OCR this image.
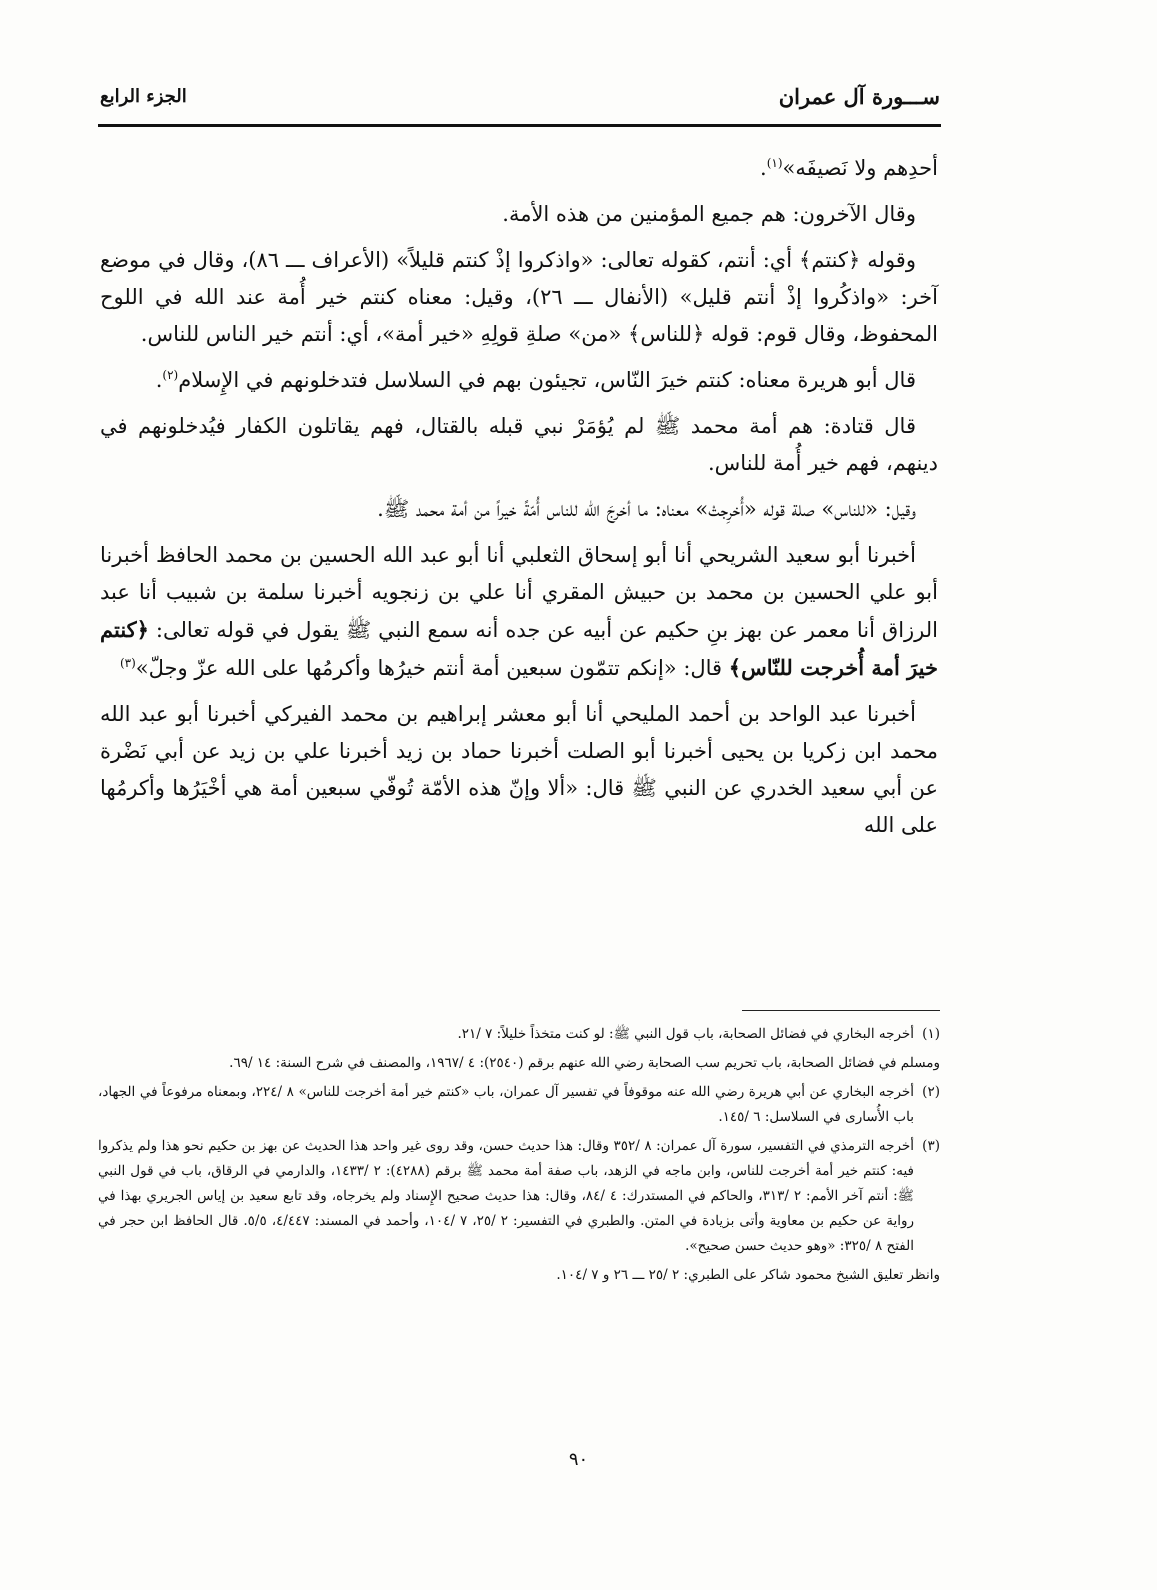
ســـورة آل عمران
الجزء الرابع

أحدِهم ولا نَصيفَه»$^{(١)}$.

وقال الآخرون: هم جميع المؤمنين من هذه الأمة.

وقوله ﴿كنتم﴾ أي: أنتم، كقوله تعالى: «واذكروا إذْ كنتم قليلاً» (الأعراف ـــ ٨٦)، وقال في موضع آخر: «واذكُروا إذْ أنتم قليل» (الأنفال ـــ ٢٦)، وقيل: معناه كنتم خير أُمة عند الله في اللوح المحفوظ، وقال قوم: قوله ﴿للناس﴾ «من» صلةِ قولِهِ «خير أمة»، أي: أنتم خير الناس للناس.

قال أبو هريرة معناه: كنتم خيرَ النّاس، تجيئون بهم في السلاسل فتدخلونهم في الإِسلام$^{(٢)}$.

قال قتادة: هم أمة محمد ﷺ لم يُؤمَرْ نبي قبله بالقتال، فهم يقاتلون الكفار فيُدخلونهم في دينهم، فهم خير أُمة للناس.

وقيل: «للناس» صلة قوله «أُخرِجتْ» معناه: ما أخرجَ الله للناس أُمّةً خيراً من أمة محمد ﷺ.

أخبرنا أبو سعيد الشريحي أنا أبو إسحاق الثعلبي أنا أبو عبد الله الحسين بن محمد الحافظ أخبرنا أبو علي الحسين بن محمد بن حبيش المقري أنا علي بن زنجويه أخبرنا سلمة بن شبيب أنا عبد الرزاق أنا معمر عن بهز بنِ حكيم عن أبيه عن جده أنه سمع النبي ﷺ يقول في قوله تعالى: ﴿كنتم خيرَ أمة أُخرجت للنّاس﴾ قال: «إنكم تتمّون سبعين أمة أنتم خيرُها وأكرمُها على الله عزّ وجلّ»$^{(٣)}$

أخبرنا عبد الواحد بن أحمد المليحي أنا أبو معشر إبراهيم بن محمد الفيركي أخبرنا أبو عبد الله محمد ابن زكريا بن يحيى أخبرنا أبو الصلت أخبرنا حماد بن زيد أخبرنا علي بن زيد عن أبي نَضْرة عن أبي سعيد الخدري عن النبي ﷺ قال: «ألا وإنّ هذه الأمّة تُوفّي سبعين أمة هي أخْيَرُها وأكرمُها على الله

(١)
أخرجه البخاري في فضائل الصحابة، باب قول النبي ﷺ: لو كنت متخذاً خليلاً: ٧ /٢١.
ومسلم في فضائل الصحابة، باب تحريم سب الصحابة رضي الله عنهم برقم (٢٥٤٠): ٤ /١٩٦٧، والمصنف في شرح السنة: ١٤ /٦٩.
(٢)
أخرجه البخاري عن أبي هريرة رضي الله عنه موقوفاً في تفسير آل عمران، باب «كنتم خير أمة أخرجت للناس» ٨ /٢٢٤، وبمعناه مرفوعاً في الجهاد، باب الأُسارى في السلاسل: ٦ /١٤٥.
(٣)
أخرجه الترمذي في التفسير، سورة آل عمران: ٨ /٣٥٢ وقال: هذا حديث حسن، وقد روى غير واحد هذا الحديث عن بهز بن حكيم نحو هذا ولم يذكروا فيه: كنتم خير أمة أخرجت للناس، وابن ماجه في الزهد، باب صفة أمة محمد ﷺ برقم (٤٢٨٨): ٢ /١٤٣٣، والدارمي في الرقاق، باب في قول النبي ﷺ: أنتم آخر الأمم: ٢ /٣١٣، والحاكم في المستدرك: ٤ /٨٤، وقال: هذا حديث صحيح الإِسناد ولم يخرجاه، وقد تابع سعيد بن إياس الجريري بهذا في رواية عن حكيم بن معاوية وأتى بزيادة في المتن. والطبري في التفسير: ٢ /٢٥، ٧ /١٠٤، وأحمد في المسند: ٤/٤٤٧، ٥/٥. قال الحافظ ابن حجر في الفتح ٨ /٣٢٥: «وهو حديث حسن صحيح».
وانظر تعليق الشيخ محمود شاكر على الطبري: ٢ /٢٥ ـــ ٢٦ و ٧ /١٠٤.
٩٠
